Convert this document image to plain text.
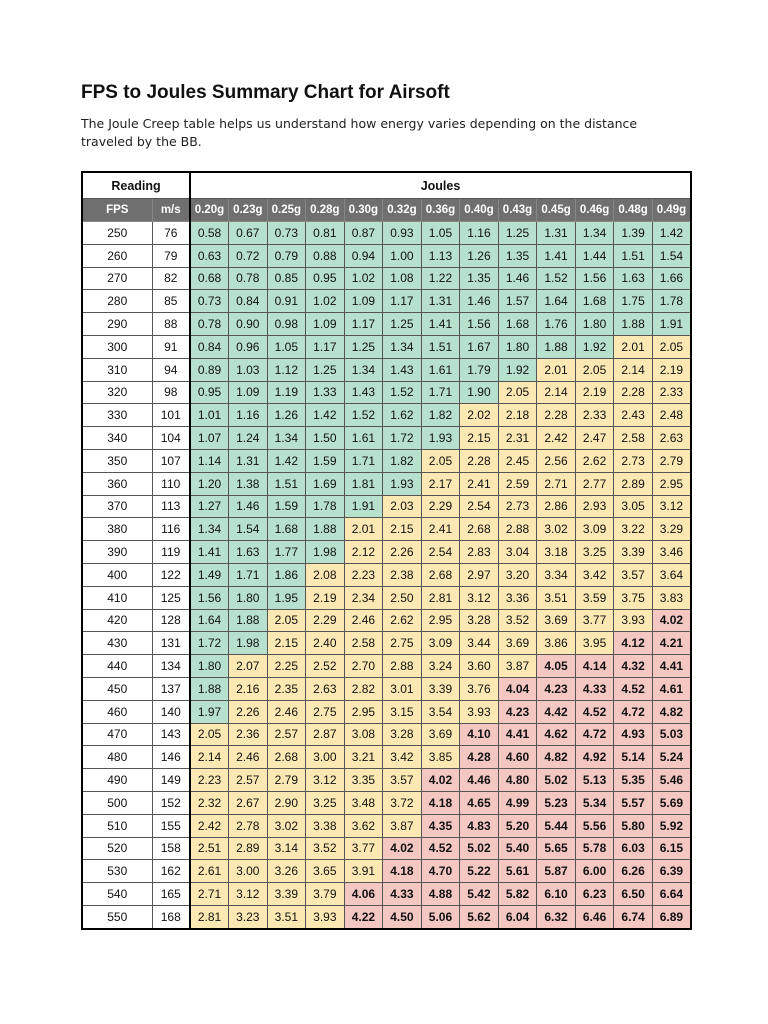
FPS to Joules Summary Chart for Airsoft

The Joule Creep table helps us understand how energy varies depending on the distance traveled by the BB.

Reading		Joules												
FPS	m/s	0.20g	0.23g	0.25g	0.28g	0.30g	0.32g	0.36g	0.40g	0.43g	0.45g	0.46g	0.48g	0.49g
250	76	0.58	0.67	0.73	0.81	0.87	0.93	1.05	1.16	1.25	1.31	1.34	1.39	1.42
260	79	0.63	0.72	0.79	0.88	0.94	1.00	1.13	1.26	1.35	1.41	1.44	1.51	1.54
270	82	0.68	0.78	0.85	0.95	1.02	1.08	1.22	1.35	1.46	1.52	1.56	1.63	1.66
280	85	0.73	0.84	0.91	1.02	1.09	1.17	1.31	1.46	1.57	1.64	1.68	1.75	1.78
290	88	0.78	0.90	0.98	1.09	1.17	1.25	1.41	1.56	1.68	1.76	1.80	1.88	1.91
300	91	0.84	0.96	1.05	1.17	1.25	1.34	1.51	1.67	1.80	1.88	1.92	2.01	2.05
310	94	0.89	1.03	1.12	1.25	1.34	1.43	1.61	1.79	1.92	2.01	2.05	2.14	2.19
320	98	0.95	1.09	1.19	1.33	1.43	1.52	1.71	1.90	2.05	2.14	2.19	2.28	2.33
330	101	1.01	1.16	1.26	1.42	1.52	1.62	1.82	2.02	2.18	2.28	2.33	2.43	2.48
340	104	1.07	1.24	1.34	1.50	1.61	1.72	1.93	2.15	2.31	2.42	2.47	2.58	2.63
350	107	1.14	1.31	1.42	1.59	1.71	1.82	2.05	2.28	2.45	2.56	2.62	2.73	2.79
360	110	1.20	1.38	1.51	1.69	1.81	1.93	2.17	2.41	2.59	2.71	2.77	2.89	2.95
370	113	1.27	1.46	1.59	1.78	1.91	2.03	2.29	2.54	2.73	2.86	2.93	3.05	3.12
380	116	1.34	1.54	1.68	1.88	2.01	2.15	2.41	2.68	2.88	3.02	3.09	3.22	3.29
390	119	1.41	1.63	1.77	1.98	2.12	2.26	2.54	2.83	3.04	3.18	3.25	3.39	3.46
400	122	1.49	1.71	1.86	2.08	2.23	2.38	2.68	2.97	3.20	3.34	3.42	3.57	3.64
410	125	1.56	1.80	1.95	2.19	2.34	2.50	2.81	3.12	3.36	3.51	3.59	3.75	3.83
420	128	1.64	1.88	2.05	2.29	2.46	2.62	2.95	3.28	3.52	3.69	3.77	3.93	4.02
430	131	1.72	1.98	2.15	2.40	2.58	2.75	3.09	3.44	3.69	3.86	3.95	4.12	4.21
440	134	1.80	2.07	2.25	2.52	2.70	2.88	3.24	3.60	3.87	4.05	4.14	4.32	4.41
450	137	1.88	2.16	2.35	2.63	2.82	3.01	3.39	3.76	4.04	4.23	4.33	4.52	4.61
460	140	1.97	2.26	2.46	2.75	2.95	3.15	3.54	3.93	4.23	4.42	4.52	4.72	4.82
470	143	2.05	2.36	2.57	2.87	3.08	3.28	3.69	4.10	4.41	4.62	4.72	4.93	5.03
480	146	2.14	2.46	2.68	3.00	3.21	3.42	3.85	4.28	4.60	4.82	4.92	5.14	5.24
490	149	2.23	2.57	2.79	3.12	3.35	3.57	4.02	4.46	4.80	5.02	5.13	5.35	5.46
500	152	2.32	2.67	2.90	3.25	3.48	3.72	4.18	4.65	4.99	5.23	5.34	5.57	5.69
510	155	2.42	2.78	3.02	3.38	3.62	3.87	4.35	4.83	5.20	5.44	5.56	5.80	5.92
520	158	2.51	2.89	3.14	3.52	3.77	4.02	4.52	5.02	5.40	5.65	5.78	6.03	6.15
530	162	2.61	3.00	3.26	3.65	3.91	4.18	4.70	5.22	5.61	5.87	6.00	6.26	6.39
540	165	2.71	3.12	3.39	3.79	4.06	4.33	4.88	5.42	5.82	6.10	6.23	6.50	6.64
550	168	2.81	3.23	3.51	3.93	4.22	4.50	5.06	5.62	6.04	6.32	6.46	6.74	6.89
